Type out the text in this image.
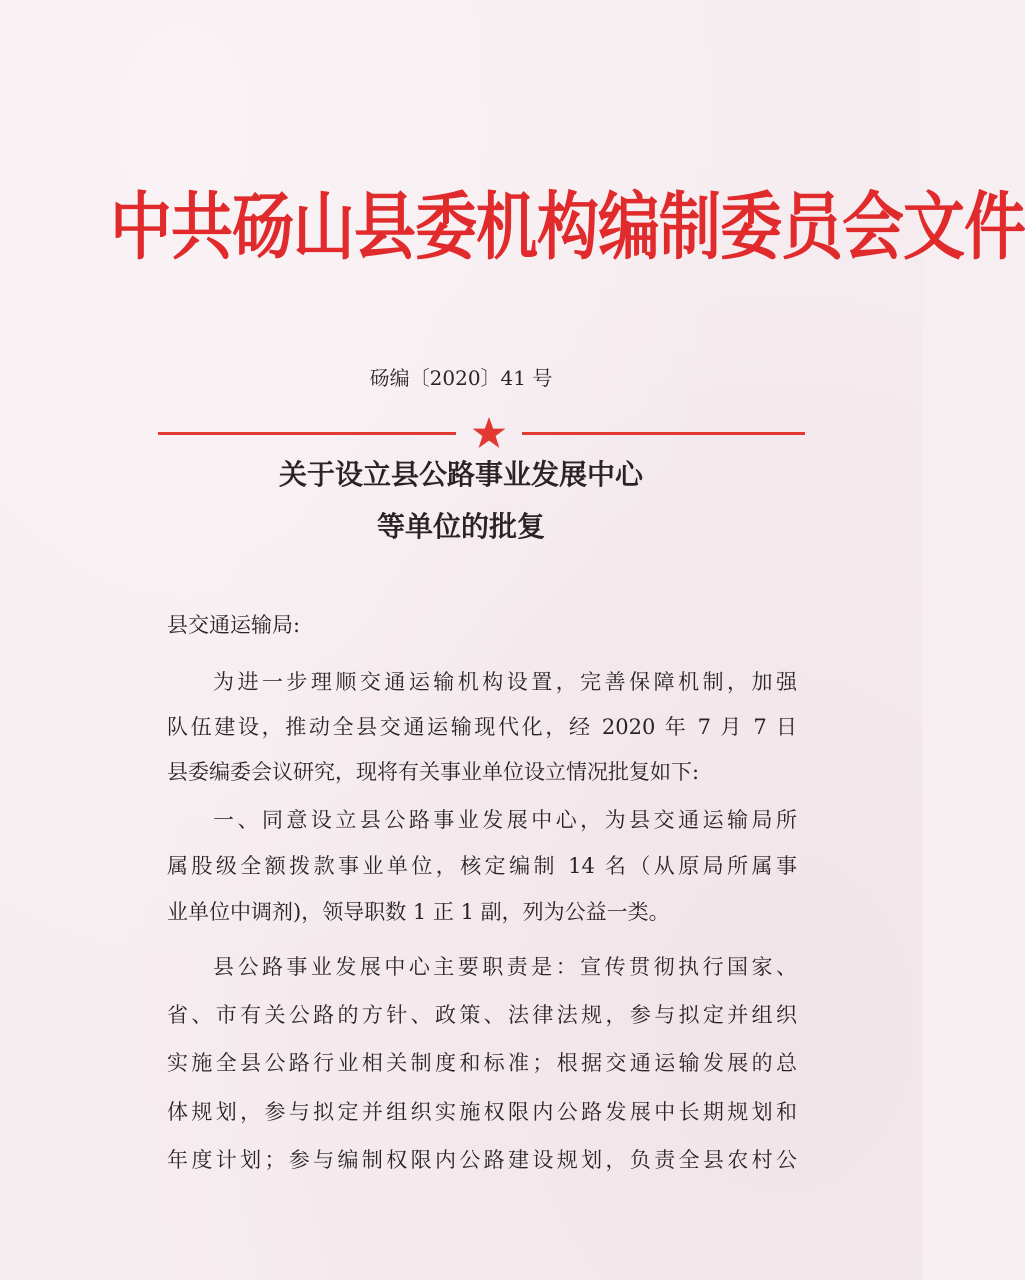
中共砀山县委机构编制委员会文件
砀编〔2020〕41 号
关于设立县公路事业发展中心
等单位的批复
县交通运输局:
为进一步理顺交通运输机构设置，完善保障机制，加强
队伍建设，推动全县交通运输现代化，经 2020 年 7 月 7 日
县委编委会议研究，现将有关事业单位设立情况批复如下:
一、同意设立县公路事业发展中心，为县交通运输局所
属股级全额拨款事业单位，核定编制 14 名（从原局所属事
业单位中调剂)，领导职数 1 正 1 副，列为公益一类。
县公路事业发展中心主要职责是：宣传贯彻执行国家、
省、市有关公路的方针、政策、法律法规，参与拟定并组织
实施全县公路行业相关制度和标准；根据交通运输发展的总
体规划，参与拟定并组织实施权限内公路发展中长期规划和
年度计划；参与编制权限内公路建设规划，负责全县农村公
